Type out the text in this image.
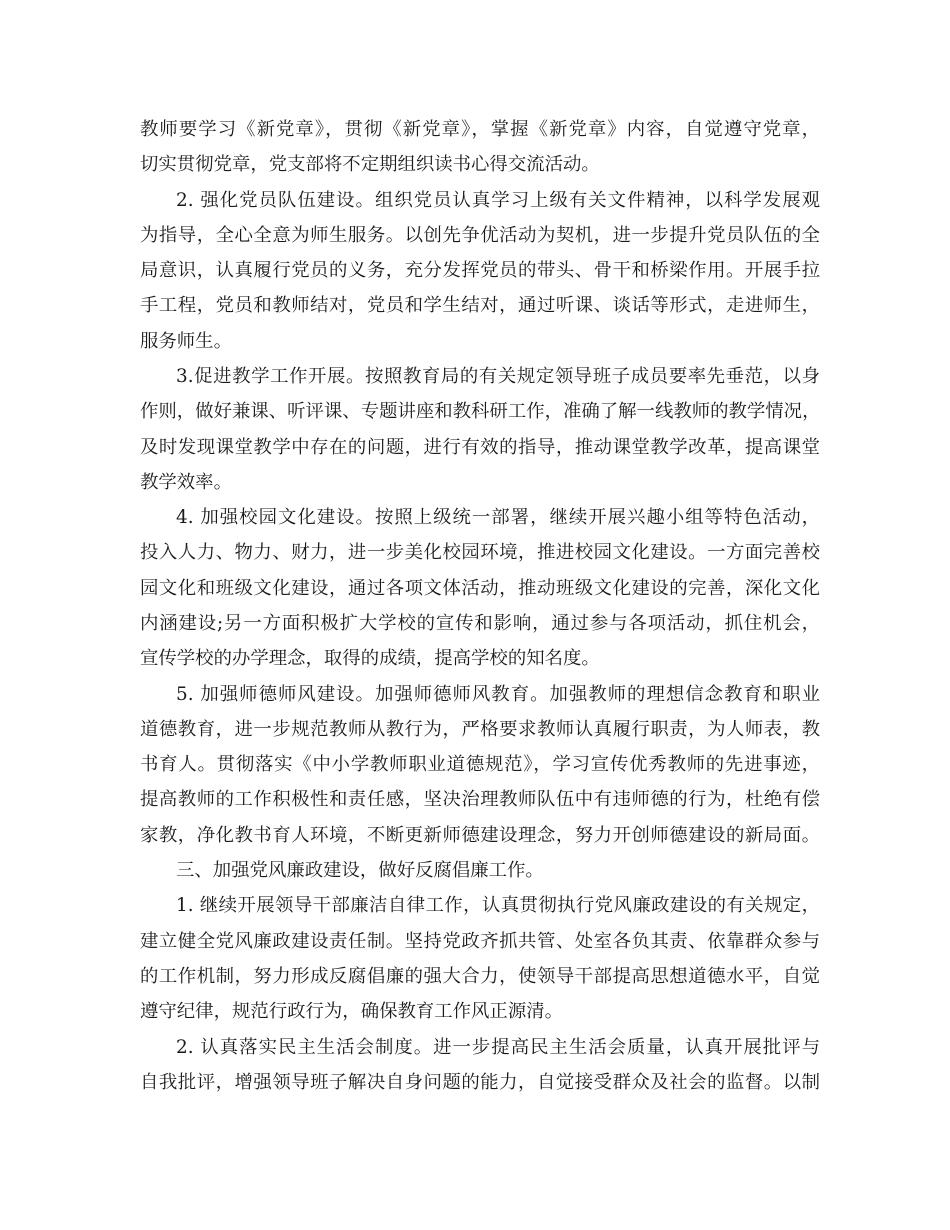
教师要学习《新党章》，贯彻《新党章》，掌握《新党章》内容，自觉遵守党章，
切实贯彻党章，党支部将不定期组织读书心得交流活动。
2. 强化党员队伍建设。组织党员认真学习上级有关文件精神，以科学发展观
为指导，全心全意为师生服务。以创先争优活动为契机，进一步提升党员队伍的全
局意识，认真履行党员的义务，充分发挥党员的带头、骨干和桥梁作用。开展手拉
手工程，党员和教师结对，党员和学生结对，通过听课、谈话等形式，走进师生，
服务师生。
3.促进教学工作开展。按照教育局的有关规定领导班子成员要率先垂范，以身
作则，做好兼课、听评课、专题讲座和教科研工作，准确了解一线教师的教学情况，
及时发现课堂教学中存在的问题，进行有效的指导，推动课堂教学改革，提高课堂
教学效率。
4. 加强校园文化建设。按照上级统一部署，继续开展兴趣小组等特色活动，
投入人力、物力、财力，进一步美化校园环境，推进校园文化建设。一方面完善校
园文化和班级文化建设，通过各项文体活动，推动班级文化建设的完善，深化文化
内涵建设;另一方面积极扩大学校的宣传和影响，通过参与各项活动，抓住机会，
宣传学校的办学理念，取得的成绩，提高学校的知名度。
5. 加强师德师风建设。加强师德师风教育。加强教师的理想信念教育和职业
道德教育，进一步规范教师从教行为，严格要求教师认真履行职责，为人师表，教
书育人。贯彻落实《中小学教师职业道德规范》，学习宣传优秀教师的先进事迹，
提高教师的工作积极性和责任感，坚决治理教师队伍中有违师德的行为，杜绝有偿
家教，净化教书育人环境，不断更新师德建设理念，努力开创师德建设的新局面。
三、加强党风廉政建设，做好反腐倡廉工作。
1. 继续开展领导干部廉洁自律工作，认真贯彻执行党风廉政建设的有关规定，
建立健全党风廉政建设责任制。坚持党政齐抓共管、处室各负其责、依靠群众参与
的工作机制，努力形成反腐倡廉的强大合力，使领导干部提高思想道德水平，自觉
遵守纪律，规范行政行为，确保教育工作风正源清。
2. 认真落实民主生活会制度。进一步提高民主生活会质量，认真开展批评与
自我批评，增强领导班子解决自身问题的能力，自觉接受群众及社会的监督。以制
